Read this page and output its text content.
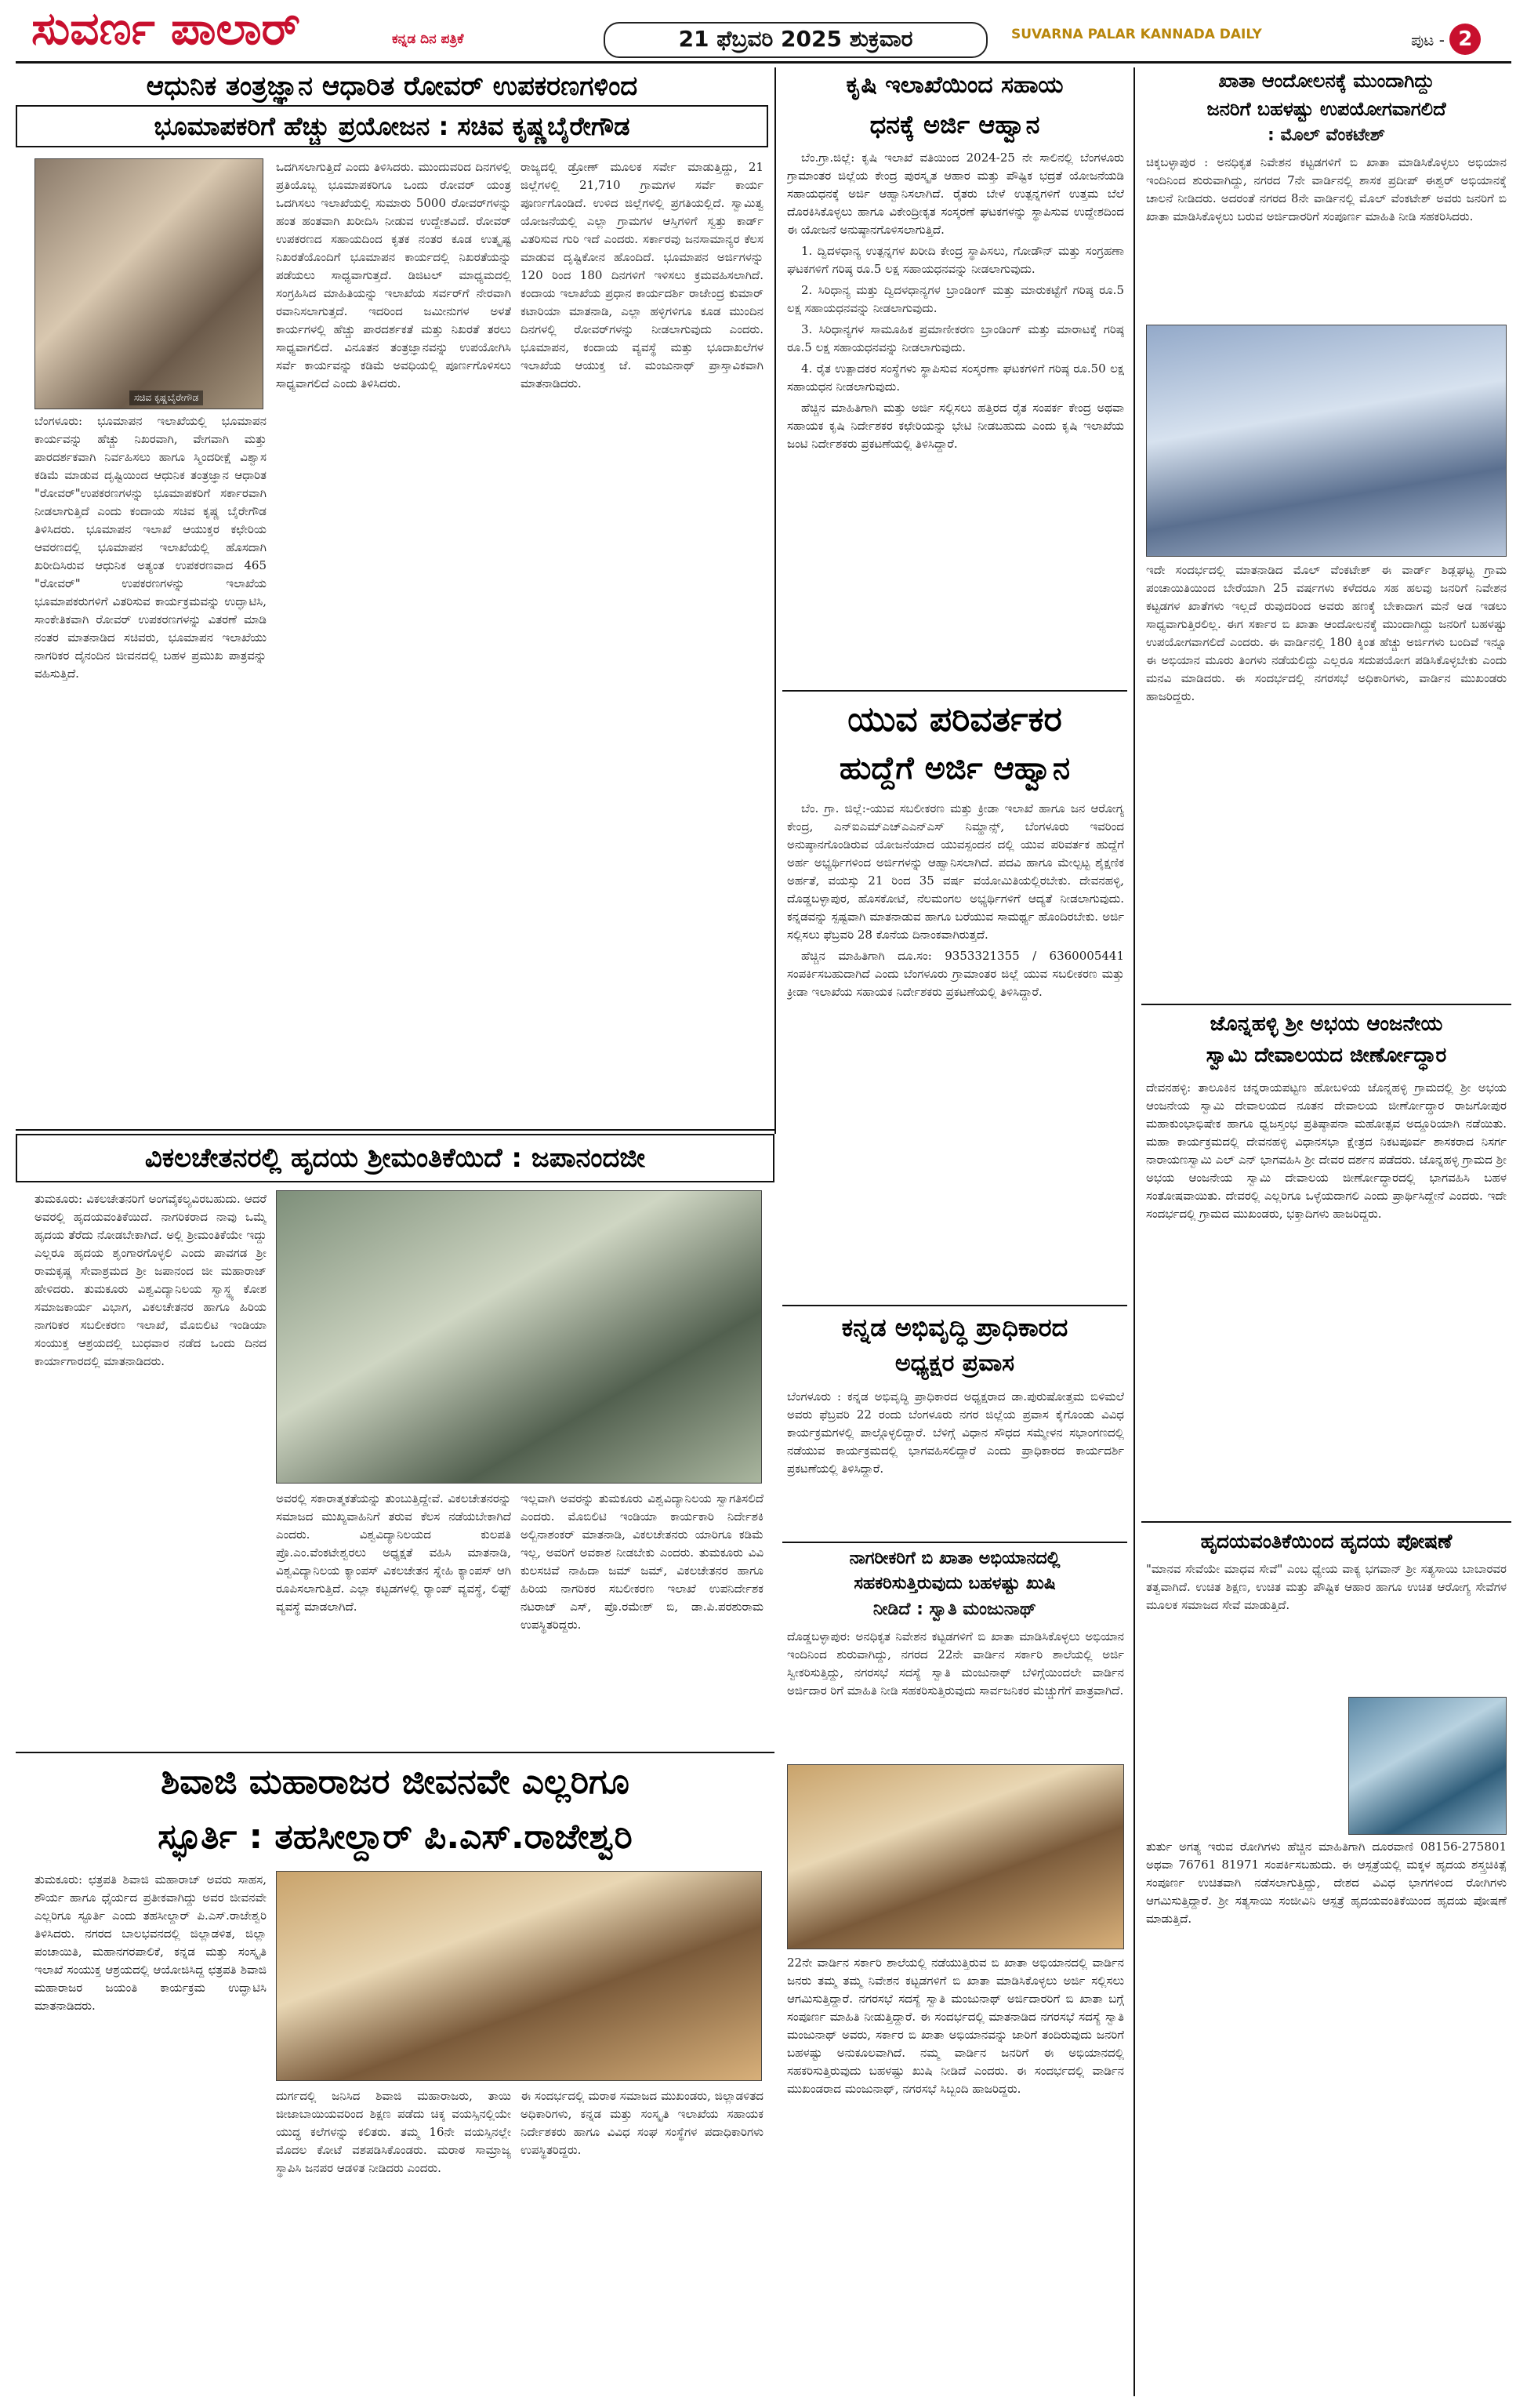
ಸುವರ್ಣ ಪಾಲಾರ್	ಕನ್ನಡ ದಿನ ಪತ್ರಿಕೆ	21 ಫೆಬ್ರವರಿ 2025 ಶುಕ್ರವಾರ	SUVARNA PALAR KANNADA DAILY	ಪುಟ - 2
ಆಧುನಿಕ ತಂತ್ರಜ್ಞಾನ ಆಧಾರಿತ ರೋವರ್ ಉಪಕರಣಗಳಿಂದ
ಭೂಮಾಪಕರಿಗೆ ಹೆಚ್ಚು ಪ್ರಯೋಜನ : ಸಚಿವ ಕೃಷ್ಣಬೈರೇಗೌಡ
ಸಚಿವ ಕೃಷ್ಣಬೈರೇಗೌಡ
ಬೆಂಗಳೂರು: ಭೂಮಾಪನ ಇಲಾಖೆಯಲ್ಲಿ ಭೂಮಾಪನ ಕಾರ್ಯವನ್ನು ಹೆಚ್ಚು ನಿಖರವಾಗಿ, ವೇಗವಾಗಿ ಮತ್ತು ಪಾರದರ್ಶಕವಾಗಿ ನಿರ್ವಹಿಸಲು ಹಾಗೂ ಸ್ಮಿಂದರೀಕ್ಷೆ ವಿಶ್ವಾಸ ಕಡಿಮೆ ಮಾಡುವ ದೃಷ್ಟಿಯಿಂದ ಆಧುನಿಕ ತಂತ್ರಜ್ಞಾನ ಆಧಾರಿತ "ರೋವರ್"ಉಪಕರಣಗಳನ್ನು ಭೂಮಾಪಕರಿಗೆ ಸರ್ಕಾರವಾಗಿ ನೀಡಲಾಗುತ್ತಿದೆ ಎಂದು ಕಂದಾಯ ಸಚಿವ ಕೃಷ್ಣ ಬೈರೇಗೌಡ ತಿಳಿಸಿದರು. ಭೂಮಾಪನ ಇಲಾಖೆ ಆಯುಕ್ತರ ಕಛೇರಿಯ ಆವರಣದಲ್ಲಿ ಭೂಮಾಪನ ಇಲಾಖೆಯಲ್ಲಿ ಹೊಸದಾಗಿ ಖರೀದಿಸಿರುವ ಆಧುನಿಕ ಅತ್ಯಂತ ಉಪಕರಣವಾದ 465 "ರೋವರ್" ಉಪಕರಣಗಳನ್ನು ಇಲಾಖೆಯ ಭೂಮಾಪಕರುಗಳಿಗೆ ವಿತರಿಸುವ ಕಾರ್ಯಕ್ರಮವನ್ನು ಉದ್ಘಾಟಿಸಿ, ಸಾಂಕೇತಿಕವಾಗಿ ರೋವರ್ ಉಪಕರಣಗಳನ್ನು ವಿತರಣೆ ಮಾಡಿ ನಂತರ ಮಾತನಾಡಿದ ಸಚಿವರು, ಭೂಮಾಪನ ಇಲಾಖೆಯು ನಾಗರಿಕರ ದೈನಂದಿನ ಜೀವನದಲ್ಲಿ ಬಹಳ ಪ್ರಮುಖ ಪಾತ್ರವನ್ನು ವಹಿಸುತ್ತಿದೆ.
ಒದಗಿಸಲಾಗುತ್ತಿದೆ ಎಂದು ತಿಳಿಸಿದರು. ಮುಂದುವರಿದ ದಿನಗಳಲ್ಲಿ ಪ್ರತಿಯೊಬ್ಬ ಭೂಮಾಪಕರಿಗೂ ಒಂದು ರೋವರ್ ಯಂತ್ರ ಒದಗಿಸಲು ಇಲಾಖೆಯಲ್ಲಿ ಸುಮಾರು 5000 ರೋವರ್‌ಗಳನ್ನು ಹಂತ ಹಂತವಾಗಿ ಖರೀದಿಸಿ ನೀಡುವ ಉದ್ದೇಶವಿದೆ. ರೋವರ್ ಉಪಕರಣದ ಸಹಾಯದಿಂದ ಕೃತಕ ನಂತರ ಕೂಡ ಉತ್ಕೃಷ್ಟ ನಿಖರತೆಯೊಂದಿಗೆ ಭೂಮಾಪನ ಕಾರ್ಯದಲ್ಲಿ ನಿಖರತೆಯನ್ನು ಪಡೆಯಲು ಸಾಧ್ಯವಾಗುತ್ತದೆ. ಡಿಜಿಟಲ್ ಮಾಧ್ಯಮದಲ್ಲಿ ಸಂಗ್ರಹಿಸಿದ ಮಾಹಿತಿಯನ್ನು ಇಲಾಖೆಯ ಸರ್ವರ್‌ಗೆ ನೇರವಾಗಿ ರವಾನಿಸಲಾಗುತ್ತದೆ. ಇದರಿಂದ ಜಮೀನುಗಳ ಅಳತೆ ಕಾರ್ಯಗಳಲ್ಲಿ ಹೆಚ್ಚು ಪಾರದರ್ಶಕತೆ ಮತ್ತು ನಿಖರತೆ ತರಲು ಸಾಧ್ಯವಾಗಲಿದೆ. ವಿನೂತನ ತಂತ್ರಜ್ಞಾನವನ್ನು ಉಪಯೋಗಿಸಿ ಸರ್ವೆ ಕಾರ್ಯವನ್ನು ಕಡಿಮೆ ಅವಧಿಯಲ್ಲಿ ಪೂರ್ಣಗೊಳಿಸಲು ಸಾಧ್ಯವಾಗಲಿದೆ ಎಂದು ತಿಳಿಸಿದರು.
ರಾಜ್ಯದಲ್ಲಿ ಡ್ರೋಣ್ ಮೂಲಕ ಸರ್ವೇ ಮಾಡುತ್ತಿದ್ದು, 21 ಜಿಲ್ಲೆಗಳಲ್ಲಿ 21,710 ಗ್ರಾಮಗಳ ಸರ್ವೆ ಕಾರ್ಯ ಪೂರ್ಣಗೊಂಡಿದೆ. ಉಳಿದ ಜಿಲ್ಲೆಗಳಲ್ಲಿ ಪ್ರಗತಿಯಲ್ಲಿದೆ. ಸ್ವಾಮಿತ್ವ ಯೋಜನೆಯಲ್ಲಿ ಎಲ್ಲಾ ಗ್ರಾಮಗಳ ಆಸ್ತಿಗಳಿಗೆ ಸ್ವತ್ತು ಕಾರ್ಡ್ ವಿತರಿಸುವ ಗುರಿ ಇದೆ ಎಂದರು. ಸರ್ಕಾರವು ಜನಸಾಮಾನ್ಯರ ಕೆಲಸ ಮಾಡುವ ದೃಷ್ಟಿಕೋನ ಹೊಂದಿದೆ. ಭೂಮಾಪನ ಅರ್ಜಿಗಳನ್ನು 120 ರಿಂದ 180 ದಿನಗಳಿಗೆ ಇಳಿಸಲು ಕ್ರಮವಹಿಸಲಾಗಿದೆ. ಕಂದಾಯ ಇಲಾಖೆಯ ಪ್ರಧಾನ ಕಾರ್ಯದರ್ಶಿ ರಾಜೇಂದ್ರ ಕುಮಾರ್ ಕಟಾರಿಯಾ ಮಾತನಾಡಿ, ಎಲ್ಲಾ ಹಳ್ಳಿಗಳಿಗೂ ಕೂಡ ಮುಂದಿನ ದಿನಗಳಲ್ಲಿ ರೋವರ್‌ಗಳನ್ನು ನೀಡಲಾಗುವುದು ಎಂದರು. ಭೂಮಾಪನ, ಕಂದಾಯ ವ್ಯವಸ್ಥೆ ಮತ್ತು ಭೂದಾಖಲೆಗಳ ಇಲಾಖೆಯ ಆಯುಕ್ತ ಜೆ. ಮಂಜುನಾಥ್ ಪ್ರಾಸ್ತಾವಿಕವಾಗಿ ಮಾತನಾಡಿದರು.
ಕೃಷಿ ಇಲಾಖೆಯಿಂದ ಸಹಾಯ
ಧನಕ್ಕೆ ಅರ್ಜಿ ಆಹ್ವಾನ

ಬೆಂ.ಗ್ರಾ.ಜಿಲ್ಲೆ: ಕೃಷಿ ಇಲಾಖೆ ವತಿಯಿಂದ 2024-25 ನೇ ಸಾಲಿನಲ್ಲಿ ಬೆಂಗಳೂರು ಗ್ರಾಮಾಂತರ ಜಿಲ್ಲೆಯ ಕೇಂದ್ರ ಪುರಸ್ಕೃತ ಆಹಾರ ಮತ್ತು ಪೌಷ್ಟಿಕ ಭದ್ರತೆ ಯೋಜನೆಯಡಿ ಸಹಾಯಧನಕ್ಕೆ ಅರ್ಜಿ ಆಹ್ವಾನಿಸಲಾಗಿದೆ. ರೈತರು ಬೇಳೆ ಉತ್ಪನ್ನಗಳಿಗೆ ಉತ್ತಮ ಬೆಲೆ ದೊರಕಿಸಿಕೊಳ್ಳಲು ಹಾಗೂ ವಿಕೇಂದ್ರೀಕೃತ ಸಂಸ್ಕರಣೆ ಘಟಕಗಳನ್ನು ಸ್ಥಾಪಿಸುವ ಉದ್ದೇಶದಿಂದ ಈ ಯೋಜನೆ ಅನುಷ್ಠಾನಗೊಳಿಸಲಾಗುತ್ತಿದೆ.

1. ದ್ವಿದಳಧಾನ್ಯ ಉತ್ಪನ್ನಗಳ ಖರೀದಿ ಕೇಂದ್ರ ಸ್ಥಾಪಿಸಲು, ಗೋಡೌನ್ ಮತ್ತು ಸಂಗ್ರಹಣಾ ಘಟಕಗಳಿಗೆ ಗರಿಷ್ಠ ರೂ.5 ಲಕ್ಷ ಸಹಾಯಧನವನ್ನು ನೀಡಲಾಗುವುದು.

2. ಸಿರಿಧಾನ್ಯ ಮತ್ತು ದ್ವಿದಳಧಾನ್ಯಗಳ ಬ್ರಾಂಡಿಂಗ್ ಮತ್ತು ಮಾರುಕಟ್ಟೆಗೆ ಗರಿಷ್ಠ ರೂ.5 ಲಕ್ಷ ಸಹಾಯಧನವನ್ನು ನೀಡಲಾಗುವುದು.

3. ಸಿರಿಧಾನ್ಯಗಳ ಸಾಮೂಹಿಕ ಪ್ರಮಾಣೀಕರಣ ಬ್ರಾಂಡಿಂಗ್ ಮತ್ತು ಮಾರಾಟಕ್ಕೆ ಗರಿಷ್ಠ ರೂ.5 ಲಕ್ಷ ಸಹಾಯಧನವನ್ನು ನೀಡಲಾಗುವುದು.

4. ರೈತ ಉತ್ಪಾದಕರ ಸಂಸ್ಥೆಗಳು ಸ್ಥಾಪಿಸುವ ಸಂಸ್ಕರಣಾ ಘಟಕಗಳಿಗೆ ಗರಿಷ್ಠ ರೂ.50 ಲಕ್ಷ ಸಹಾಯಧನ ನೀಡಲಾಗುವುದು.

ಹೆಚ್ಚಿನ ಮಾಹಿತಿಗಾಗಿ ಮತ್ತು ಅರ್ಜಿ ಸಲ್ಲಿಸಲು ಹತ್ತಿರದ ರೈತ ಸಂಪರ್ಕ ಕೇಂದ್ರ ಅಥವಾ ಸಹಾಯಕ ಕೃಷಿ ನಿರ್ದೇಶಕರ ಕಛೇರಿಯನ್ನು ಭೇಟಿ ನೀಡಬಹುದು ಎಂದು ಕೃಷಿ ಇಲಾಖೆಯ ಜಂಟಿ ನಿರ್ದೇಶಕರು ಪ್ರಕಟಣೆಯಲ್ಲಿ ತಿಳಿಸಿದ್ದಾರೆ.

ಯುವ ಪರಿವರ್ತಕರ
ಹುದ್ದೆಗೆ ಅರ್ಜಿ ಆಹ್ವಾನ

ಬೆಂ. ಗ್ರಾ. ಜಿಲ್ಲೆ:-ಯುವ ಸಬಲೀಕರಣ ಮತ್ತು ಕ್ರೀಡಾ ಇಲಾಖೆ ಹಾಗೂ ಜನ ಆರೋಗ್ಯ ಕೇಂದ್ರ, ಎನ್ಐಎಮ್ಎಚ್ಎಎನ್ಎಸ್ ನಿಮ್ಹಾನ್ಸ್, ಬೆಂಗಳೂರು ಇವರಿಂದ ಅನುಷ್ಠಾನಗೊಂಡಿರುವ ಯೋಜನೆಯಾದ ಯುವಸ್ಪಂದನ ದಲ್ಲಿ ಯುವ ಪರಿವರ್ತಕ ಹುದ್ದೆಗೆ ಅರ್ಹ ಅಭ್ಯರ್ಥಿಗಳಿಂದ ಅರ್ಜಿಗಳನ್ನು ಆಹ್ವಾನಿಸಲಾಗಿದೆ. ಪದವಿ ಹಾಗೂ ಮೇಲ್ಪಟ್ಟ ಶೈಕ್ಷಣಿಕ ಅರ್ಹತೆ, ವಯಸ್ಸು 21 ರಿಂದ 35 ವರ್ಷ ವಯೋಮಿತಿಯಲ್ಲಿರಬೇಕು. ದೇವನಹಳ್ಳಿ, ದೊಡ್ಡಬಳ್ಳಾಪುರ, ಹೊಸಕೋಟೆ, ನೆಲಮಂಗಲ ಅಭ್ಯರ್ಥಿಗಳಿಗೆ ಆದ್ಯತೆ ನೀಡಲಾಗುವುದು. ಕನ್ನಡವನ್ನು ಸ್ಪಷ್ಟವಾಗಿ ಮಾತನಾಡುವ ಹಾಗೂ ಬರೆಯುವ ಸಾಮರ್ಥ್ಯ ಹೊಂದಿರಬೇಕು. ಅರ್ಜಿ ಸಲ್ಲಿಸಲು ಫೆಬ್ರವರಿ 28 ಕೊನೆಯ ದಿನಾಂಕವಾಗಿರುತ್ತದೆ.

ಹೆಚ್ಚಿನ ಮಾಹಿತಿಗಾಗಿ ದೂ.ಸಂ: 9353321355 / 6360005441 ಸಂಪರ್ಕಿಸಬಹುದಾಗಿದೆ ಎಂದು ಬೆಂಗಳೂರು ಗ್ರಾಮಾಂತರ ಜಿಲ್ಲೆ ಯುವ ಸಬಲೀಕರಣ ಮತ್ತು ಕ್ರೀಡಾ ಇಲಾಖೆಯ ಸಹಾಯಕ ನಿರ್ದೇಶಕರು ಪ್ರಕಟಣೆಯಲ್ಲಿ ತಿಳಿಸಿದ್ದಾರೆ.

ಕನ್ನಡ ಅಭಿವೃದ್ಧಿ ಪ್ರಾಧಿಕಾರದ
ಅಧ್ಯಕ್ಷರ ಪ್ರವಾಸ
ಬೆಂಗಳೂರು : ಕನ್ನಡ ಅಭಿವೃದ್ಧಿ ಪ್ರಾಧಿಕಾರದ ಅಧ್ಯಕ್ಷರಾದ ಡಾ.ಪುರುಷೋತ್ತಮ ಬಿಳಿಮಲೆ ಅವರು ಫೆಬ್ರವರಿ 22 ರಂದು ಬೆಂಗಳೂರು ನಗರ ಜಿಲ್ಲೆಯ ಪ್ರವಾಸ ಕೈಗೊಂಡು ವಿವಿಧ ಕಾರ್ಯಕ್ರಮಗಳಲ್ಲಿ ಪಾಲ್ಗೊಳ್ಳಲಿದ್ದಾರೆ. ಬೆಳಿಗ್ಗೆ ವಿಧಾನ ಸೌಧದ ಸಮ್ಮೇಳನ ಸಭಾಂಗಣದಲ್ಲಿ ನಡೆಯುವ ಕಾರ್ಯಕ್ರಮದಲ್ಲಿ ಭಾಗವಹಿಸಲಿದ್ದಾರೆ ಎಂದು ಪ್ರಾಧಿಕಾರದ ಕಾರ್ಯದರ್ಶಿ ಪ್ರಕಟಣೆಯಲ್ಲಿ ತಿಳಿಸಿದ್ದಾರೆ.
ನಾಗರೀಕರಿಗೆ ಬಿ ಖಾತಾ ಅಭಿಯಾನದಲ್ಲಿ
ಸಹಕರಿಸುತ್ತಿರುವುದು ಬಹಳಷ್ಟು ಖುಷಿ
ನೀಡಿದೆ : ಸ್ವಾತಿ ಮಂಜುನಾಥ್
ದೊಡ್ಡಬಳ್ಳಾಪುರ: ಅನಧಿಕೃತ ನಿವೇಶನ ಕಟ್ಟಡಗಳಿಗೆ ಬಿ ಖಾತಾ ಮಾಡಿಸಿಕೊಳ್ಳಲು ಅಭಿಯಾನ ಇಂದಿನಿಂದ ಶುರುವಾಗಿದ್ದು, ನಗರದ 22ನೇ ವಾರ್ಡಿನ ಸರ್ಕಾರಿ ಶಾಲೆಯಲ್ಲಿ ಅರ್ಜಿ ಸ್ವೀಕರಿಸುತ್ತಿದ್ದು, ನಗರಸಭೆ ಸದಸ್ಯೆ ಸ್ವಾತಿ ಮಂಜುನಾಥ್ ಬೆಳಿಗ್ಗೆಯಿಂದಲೇ ವಾರ್ಡಿನ ಅರ್ಜಿದಾರ ರಿಗೆ ಮಾಹಿತಿ ನೀಡಿ ಸಹಕರಿಸುತ್ತಿರುವುದು ಸಾರ್ವಜನಿಕರ ಮೆಚ್ಚುಗೆಗೆ ಪಾತ್ರವಾಗಿದೆ.
22ನೇ ವಾರ್ಡಿನ ಸರ್ಕಾರಿ ಶಾಲೆಯಲ್ಲಿ ನಡೆಯುತ್ತಿರುವ ಬಿ ಖಾತಾ ಅಭಿಯಾನದಲ್ಲಿ ವಾರ್ಡಿನ ಜನರು ತಮ್ಮ ತಮ್ಮ ನಿವೇಶನ ಕಟ್ಟಡಗಳಿಗೆ ಬಿ ಖಾತಾ ಮಾಡಿಸಿಕೊಳ್ಳಲು ಅರ್ಜಿ ಸಲ್ಲಿಸಲು ಆಗಮಿಸುತ್ತಿದ್ದಾರೆ. ನಗರಸಭೆ ಸದಸ್ಯೆ ಸ್ವಾತಿ ಮಂಜುನಾಥ್ ಅರ್ಜಿದಾರರಿಗೆ ಬಿ ಖಾತಾ ಬಗ್ಗೆ ಸಂಪೂರ್ಣ ಮಾಹಿತಿ ನೀಡುತ್ತಿದ್ದಾರೆ. ಈ ಸಂದರ್ಭದಲ್ಲಿ ಮಾತನಾಡಿದ ನಗರಸಭೆ ಸದಸ್ಯೆ ಸ್ವಾತಿ ಮಂಜುನಾಥ್ ಅವರು, ಸರ್ಕಾರ ಬಿ ಖಾತಾ ಅಭಿಯಾನವನ್ನು ಜಾರಿಗೆ ತಂದಿರುವುದು ಜನರಿಗೆ ಬಹಳಷ್ಟು ಅನುಕೂಲವಾಗಿದೆ. ನಮ್ಮ ವಾರ್ಡಿನ ಜನರಿಗೆ ಈ ಅಭಿಯಾನದಲ್ಲಿ ಸಹಕರಿಸುತ್ತಿರುವುದು ಬಹಳಷ್ಟು ಖುಷಿ ನೀಡಿದೆ ಎಂದರು. ಈ ಸಂದರ್ಭದಲ್ಲಿ ವಾರ್ಡಿನ ಮುಖಂಡರಾದ ಮಂಜುನಾಥ್, ನಗರಸಭೆ ಸಿಬ್ಬಂದಿ ಹಾಜರಿದ್ದರು.
ಖಾತಾ ಆಂದೋಲನಕ್ಕೆ ಮುಂದಾಗಿದ್ದು
ಜನರಿಗೆ ಬಹಳಷ್ಟು ಉಪಯೋಗವಾಗಲಿದೆ
: ಮೊಲ್ ವೆಂಕಟೇಶ್
ಚಿಕ್ಕಬಳ್ಳಾಪುರ : ಅನಧಿಕೃತ ನಿವೇಶನ ಕಟ್ಟಡಗಳಿಗೆ ಬಿ ಖಾತಾ ಮಾಡಿಸಿಕೊಳ್ಳಲು ಅಭಿಯಾನ ಇಂದಿನಿಂದ ಶುರುವಾಗಿದ್ದು, ನಗರದ 7ನೇ ವಾರ್ಡಿನಲ್ಲಿ ಶಾಸಕ ಪ್ರದೀಪ್ ಈಶ್ವರ್ ಅಭಿಯಾನಕ್ಕೆ ಚಾಲನೆ ನೀಡಿದರು. ಅದರಂತೆ ನಗರದ 8ನೇ ವಾರ್ಡಿನಲ್ಲಿ ಮೊಲ್ ವೆಂಕಟೇಶ್ ಅವರು ಜನರಿಗೆ ಬಿ ಖಾತಾ ಮಾಡಿಸಿಕೊಳ್ಳಲು ಬರುವ ಅರ್ಜಿದಾರರಿಗೆ ಸಂಪೂರ್ಣ ಮಾಹಿತಿ ನೀಡಿ ಸಹಕರಿಸಿದರು.
ಇದೇ ಸಂದರ್ಭದಲ್ಲಿ ಮಾತನಾಡಿದ ಮೊಲ್ ವೆಂಕಟೇಶ್ ಈ ವಾರ್ಡ್ ಶಿಡ್ಲಘಟ್ಟ ಗ್ರಾಮ ಪಂಚಾಯಿತಿಯಿಂದ ಬೇರೆಯಾಗಿ 25 ವರ್ಷಗಳು ಕಳೆದರೂ ಸಹ ಹಲವು ಜನರಿಗೆ ನಿವೇಶನ ಕಟ್ಟಡಗಳ ಖಾತೆಗಳು ಇಲ್ಲದೆ ರುವುದರಿಂದ ಅವರು ಹಣಕ್ಕೆ ಬೇಕಾದಾಗ ಮನೆ ಅಡ ಇಡಲು ಸಾಧ್ಯವಾಗುತ್ತಿರಲಿಲ್ಲ. ಈಗ ಸರ್ಕಾರ ಬಿ ಖಾತಾ ಆಂದೋಲನಕ್ಕೆ ಮುಂದಾಗಿದ್ದು ಜನರಿಗೆ ಬಹಳಷ್ಟು ಉಪಯೋಗವಾಗಲಿದೆ ಎಂದರು. ಈ ವಾರ್ಡಿನಲ್ಲಿ 180 ಕ್ಕಿಂತ ಹೆಚ್ಚು ಅರ್ಜಿಗಳು ಬಂದಿವೆ ಇನ್ನೂ ಈ ಅಭಿಯಾನ ಮೂರು ತಿಂಗಳು ನಡೆಯಲಿದ್ದು ಎಲ್ಲರೂ ಸದುಪಯೋಗ ಪಡಿಸಿಕೊಳ್ಳಬೇಕು ಎಂದು ಮನವಿ ಮಾಡಿದರು. ಈ ಸಂದರ್ಭದಲ್ಲಿ ನಗರಸಭೆ ಅಧಿಕಾರಿಗಳು, ವಾರ್ಡಿನ ಮುಖಂಡರು ಹಾಜರಿದ್ದರು.
ಜೊನ್ನಹಳ್ಳಿ ಶ್ರೀ ಅಭಯ ಆಂಜನೇಯ
ಸ್ವಾಮಿ ದೇವಾಲಯದ ಜೀರ್ಣೋದ್ಧಾರ
ದೇವನಹಳ್ಳಿ: ತಾಲೂಕಿನ ಚನ್ನರಾಯಪಟ್ಟಣ ಹೋಬಳಿಯ ಜೊನ್ನಹಳ್ಳಿ ಗ್ರಾಮದಲ್ಲಿ ಶ್ರೀ ಅಭಯ ಆಂಜನೇಯ ಸ್ವಾಮಿ ದೇವಾಲಯದ ನೂತನ ದೇವಾಲಯ ಜೀರ್ಣೋದ್ಧಾರ ರಾಜಗೋಪುರ ಮಹಾಕುಂಭಾಭಿಷೇಕ ಹಾಗೂ ಧ್ವಜಸ್ತಂಭ ಪ್ರತಿಷ್ಠಾಪನಾ ಮಹೋತ್ಸವ ಅದ್ದೂರಿಯಾಗಿ ನಡೆಯಿತು. ಮಹಾ ಕಾರ್ಯಕ್ರಮದಲ್ಲಿ ದೇವನಹಳ್ಳಿ ವಿಧಾನಸಭಾ ಕ್ಷೇತ್ರದ ನಿಕಟಪೂರ್ವ ಶಾಸಕರಾದ ನಿಸರ್ಗ ನಾರಾಯಣಸ್ವಾಮಿ ಎಲ್ ಎನ್ ಭಾಗವಹಿಸಿ ಶ್ರೀ ದೇವರ ದರ್ಶನ ಪಡೆದರು. ಜೊನ್ನಹಳ್ಳಿ ಗ್ರಾಮದ ಶ್ರೀ ಅಭಯ ಆಂಜನೇಯ ಸ್ವಾಮಿ ದೇವಾಲಯ ಜೀರ್ಣೋದ್ಧಾರದಲ್ಲಿ ಭಾಗವಹಿಸಿ ಬಹಳ ಸಂತೋಷವಾಯಿತು. ದೇವರಲ್ಲಿ ಎಲ್ಲರಿಗೂ ಒಳ್ಳೆಯದಾಗಲಿ ಎಂದು ಪ್ರಾರ್ಥಿಸಿದ್ದೇನೆ ಎಂದರು. ಇದೇ ಸಂದರ್ಭದಲ್ಲಿ ಗ್ರಾಮದ ಮುಖಂಡರು, ಭಕ್ತಾದಿಗಳು ಹಾಜರಿದ್ದರು.
ಹೃದಯವಂತಿಕೆಯಿಂದ ಹೃದಯ ಪೋಷಣೆ
"ಮಾನವ ಸೇವೆಯೇ ಮಾಧವ ಸೇವೆ" ಎಂಬ ಧ್ಯೇಯ ವಾಕ್ಯ ಭಗವಾನ್ ಶ್ರೀ ಸತ್ಯಸಾಯಿ ಬಾಬಾರವರ ತತ್ವವಾಗಿದೆ. ಉಚಿತ ಶಿಕ್ಷಣ, ಉಚಿತ ಮತ್ತು ಪೌಷ್ಟಿಕ ಆಹಾರ ಹಾಗೂ ಉಚಿತ ಆರೋಗ್ಯ ಸೇವೆಗಳ ಮೂಲಕ ಸಮಾಜದ ಸೇವೆ ಮಾಡುತ್ತಿದೆ.
ತುರ್ತು ಅಗತ್ಯ ಇರುವ ರೋಗಿಗಳು ಹೆಚ್ಚಿನ ಮಾಹಿತಿಗಾಗಿ ದೂರವಾಣಿ 08156-275801 ಅಥವಾ 76761 81971 ಸಂಪರ್ಕಿಸಬಹುದು. ಈ ಆಸ್ಪತ್ರೆಯಲ್ಲಿ ಮಕ್ಕಳ ಹೃದಯ ಶಸ್ತ್ರಚಿಕಿತ್ಸೆ ಸಂಪೂರ್ಣ ಉಚಿತವಾಗಿ ನಡೆಸಲಾಗುತ್ತಿದ್ದು, ದೇಶದ ವಿವಿಧ ಭಾಗಗಳಿಂದ ರೋಗಿಗಳು ಆಗಮಿಸುತ್ತಿದ್ದಾರೆ. ಶ್ರೀ ಸತ್ಯಸಾಯಿ ಸಂಜೀವಿನಿ ಆಸ್ಪತ್ರೆ ಹೃದಯವಂತಿಕೆಯಿಂದ ಹೃದಯ ಪೋಷಣೆ ಮಾಡುತ್ತಿದೆ.
ವಿಕಲಚೇತನರಲ್ಲಿ ಹೃದಯ ಶ್ರೀಮಂತಿಕೆಯಿದೆ : ಜಪಾನಂದಜೀ
ತುಮಕೂರು: ವಿಕಲಚೇತನರಿಗೆ ಅಂಗವೈಕಲ್ಯವಿರಬಹುದು. ಆದರೆ ಅವರಲ್ಲಿ ಹೃದಯವಂತಿಕೆಯಿದೆ. ನಾಗರಿಕರಾದ ನಾವು ಒಮ್ಮೆ ಹೃದಯ ತೆರೆದು ನೋಡಬೇಕಾಗಿದೆ. ಅಲ್ಲಿ ಶ್ರೀಮಂತಿಕೆಯೇ ಇದ್ದು ಎಲ್ಲರೂ ಹೃದಯ ಶೃಂಗಾರಗೊಳ್ಳಲಿ ಎಂದು ಪಾವಗಡ ಶ್ರೀ ರಾಮಕೃಷ್ಣ ಸೇವಾಶ್ರಮದ ಶ್ರೀ ಜಪಾನಂದ ಜೀ ಮಹಾರಾಜ್ ಹೇಳಿದರು. ತುಮಕೂರು ವಿಶ್ವವಿದ್ಯಾನಿಲಯ ಸ್ವಾಸ್ಥ್ಯ ಕೋಶ ಸಮಾಜಕಾರ್ಯ ವಿಭಾಗ, ವಿಕಲಚೇತನರ ಹಾಗೂ ಹಿರಿಯ ನಾಗರಿಕರ ಸಬಲೀಕರಣ ಇಲಾಖೆ, ಮೊಬಿಲಿಟಿ ಇಂಡಿಯಾ ಸಂಯುಕ್ತ ಆಶ್ರಯದಲ್ಲಿ ಬುಧವಾರ ನಡೆದ ಒಂದು ದಿನದ ಕಾರ್ಯಾಗಾರದಲ್ಲಿ ಮಾತನಾಡಿದರು.
ಅವರಲ್ಲಿ ಸಕಾರಾತ್ಮಕತೆಯನ್ನು ತುಂಬುತ್ತಿದ್ದೇವೆ. ವಿಕಲಚೇತನರನ್ನು ಸಮಾಜದ ಮುಖ್ಯವಾಹಿನಿಗೆ ತರುವ ಕೆಲಸ ನಡೆಯಬೇಕಾಗಿದೆ ಎಂದರು. ವಿಶ್ವವಿದ್ಯಾನಿಲಯದ ಕುಲಪತಿ ಪ್ರೊ.ಎಂ.ವೆಂಕಟೇಶ್ವರಲು ಅಧ್ಯಕ್ಷತೆ ವಹಿಸಿ ಮಾತನಾಡಿ, ವಿಶ್ವವಿದ್ಯಾನಿಲಯ ಕ್ಯಾಂಪಸ್ ವಿಕಲಚೇತನ ಸ್ನೇಹಿ ಕ್ಯಾಂಪಸ್ ಆಗಿ ರೂಪಿಸಲಾಗುತ್ತಿದೆ. ಎಲ್ಲಾ ಕಟ್ಟಡಗಳಲ್ಲಿ ರ್‍ಯಾಂಪ್ ವ್ಯವಸ್ಥೆ, ಲಿಫ್ಟ್ ವ್ಯವಸ್ಥೆ ಮಾಡಲಾಗಿದೆ.
ಇಲ್ಲವಾಗಿ ಅವರನ್ನು ತುಮಕೂರು ವಿಶ್ವವಿದ್ಯಾನಿಲಯ ಸ್ವಾಗತಿಸಲಿದೆ ಎಂದರು. ಮೊಬಿಲಿಟಿ ಇಂಡಿಯಾ ಕಾರ್ಯಕಾರಿ ನಿರ್ದೇಶಕಿ ಅಲ್ಬಿನಾಶಂಕರ್ ಮಾತನಾಡಿ, ವಿಕಲಚೇತನರು ಯಾರಿಗೂ ಕಡಿಮೆ ಇಲ್ಲ, ಅವರಿಗೆ ಅವಕಾಶ ನೀಡಬೇಕು ಎಂದರು. ತುಮಕೂರು ವಿವಿ ಕುಲಸಚಿವೆ ನಾಹಿದಾ ಜಮ್ ಜಮ್, ವಿಕಲಚೇತನರ ಹಾಗೂ ಹಿರಿಯ ನಾಗರಿಕರ ಸಬಲೀಕರಣ ಇಲಾಖೆ ಉಪನಿರ್ದೇಶಕ ನಟರಾಜ್ ಎಸ್, ಪ್ರೊ.ರಮೇಶ್ ಬಿ, ಡಾ.ಪಿ.ಪರಶುರಾಮ ಉಪಸ್ಥಿತರಿದ್ದರು.
ಶಿವಾಜಿ ಮಹಾರಾಜರ ಜೀವನವೇ ಎಲ್ಲರಿಗೂ
ಸ್ಫೂರ್ತಿ : ತಹಸೀಲ್ದಾರ್ ಪಿ.ಎಸ್.ರಾಜೇಶ್ವರಿ
ತುಮಕೂರು: ಛತ್ರಪತಿ ಶಿವಾಜಿ ಮಹಾರಾಜ್ ಅವರು ಸಾಹಸ, ಶೌರ್ಯ ಹಾಗೂ ಧೈರ್ಯದ ಪ್ರತೀಕವಾಗಿದ್ದು ಅವರ ಜೀವನವೇ ಎಲ್ಲರಿಗೂ ಸ್ಫೂರ್ತಿ ಎಂದು ತಹಸೀಲ್ದಾರ್ ಪಿ.ಎಸ್.ರಾಜೇಶ್ವರಿ ತಿಳಿಸಿದರು. ನಗರದ ಬಾಲಭವನದಲ್ಲಿ ಜಿಲ್ಲಾಡಳಿತ, ಜಿಲ್ಲಾ ಪಂಚಾಯಿತಿ, ಮಹಾನಗರಪಾಲಿಕೆ, ಕನ್ನಡ ಮತ್ತು ಸಂಸ್ಕೃತಿ ಇಲಾಖೆ ಸಂಯುಕ್ತ ಆಶ್ರಯದಲ್ಲಿ ಆಯೋಜಿಸಿದ್ದ ಛತ್ರಪತಿ ಶಿವಾಜಿ ಮಹಾರಾಜರ ಜಯಂತಿ ಕಾರ್ಯಕ್ರಮ ಉದ್ಘಾಟಿಸಿ ಮಾತನಾಡಿದರು.
ದುರ್ಗದಲ್ಲಿ ಜನಿಸಿದ ಶಿವಾಜಿ ಮಹಾರಾಜರು, ತಾಯಿ ಜೀಜಾಬಾಯಿಯವರಿಂದ ಶಿಕ್ಷಣ ಪಡೆದು ಚಿಕ್ಕ ವಯಸ್ಸಿನಲ್ಲಿಯೇ ಯುದ್ಧ ಕಲೆಗಳನ್ನು ಕಲಿತರು. ತಮ್ಮ 16ನೇ ವಯಸ್ಸಿನಲ್ಲೇ ಮೊದಲ ಕೋಟೆ ವಶಪಡಿಸಿಕೊಂಡರು. ಮರಾಠ ಸಾಮ್ರಾಜ್ಯ ಸ್ಥಾಪಿಸಿ ಜನಪರ ಆಡಳಿತ ನೀಡಿದರು ಎಂದರು.
ಈ ಸಂದರ್ಭದಲ್ಲಿ ಮರಾಠ ಸಮಾಜದ ಮುಖಂಡರು, ಜಿಲ್ಲಾಡಳಿತದ ಅಧಿಕಾರಿಗಳು, ಕನ್ನಡ ಮತ್ತು ಸಂಸ್ಕೃತಿ ಇಲಾಖೆಯ ಸಹಾಯಕ ನಿರ್ದೇಶಕರು ಹಾಗೂ ವಿವಿಧ ಸಂಘ ಸಂಸ್ಥೆಗಳ ಪದಾಧಿಕಾರಿಗಳು ಉಪಸ್ಥಿತರಿದ್ದರು.
